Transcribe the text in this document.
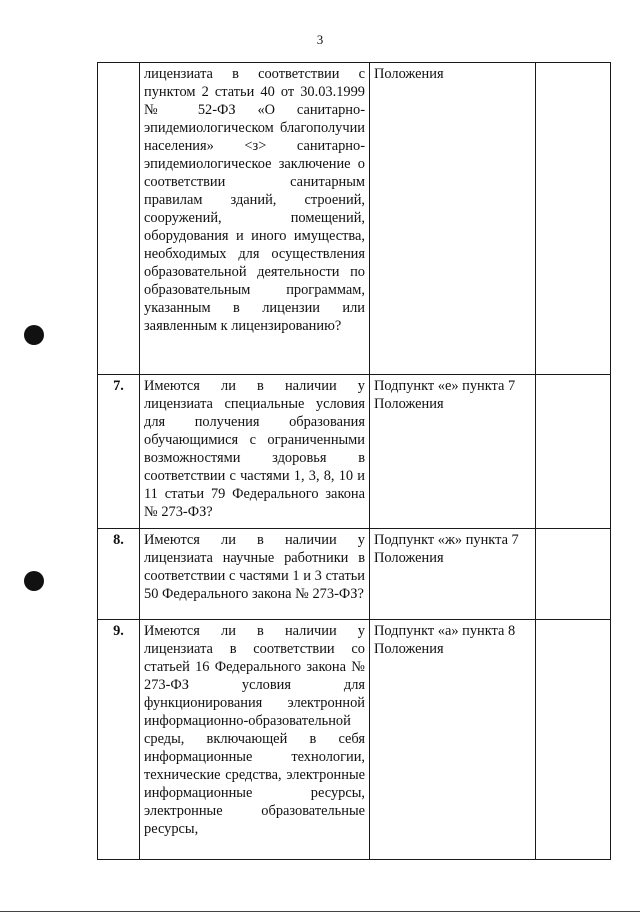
3
	лицензиата в соответствии с пунктом 2 статьи 40 от 30.03.1999 № 52-ФЗ «О санитарно-эпидемиологическом благополучии населения» <з> санитарно-эпидемиологическое заключение о соответствии санитарным правилам зданий, строений, сооружений, помещений, оборудования и иного имущества, необходимых для осуществления образовательной деятельности по образовательным программам, указанным в лицензии или заявленным к лицензированию?	Положения	
7.	Имеются ли в наличии у лицензиата специальные условия для получения образования обучающимися с ограниченными возможностями здоровья в соответствии с частями 1, 3, 8, 10 и 11 статьи 79 Федерального закона № 273-ФЗ?	Подпункт «е» пункта 7 Положения	
8.	Имеются ли в наличии у лицензиата научные работники в соответствии с частями 1 и 3 статьи 50 Федерального закона № 273-ФЗ?	Подпункт «ж» пункта 7 Положения	
9.	Имеются ли в наличии у лицензиата в соответствии со статьей 16 Федерального закона № 273-ФЗ условия для функционирования электронной информационно-образовательной среды, включающей в себя информационные технологии, технические средства, электронные информационные ресурсы, электронные образовательные ресурсы,	Подпункт «а» пункта 8 Положения	
